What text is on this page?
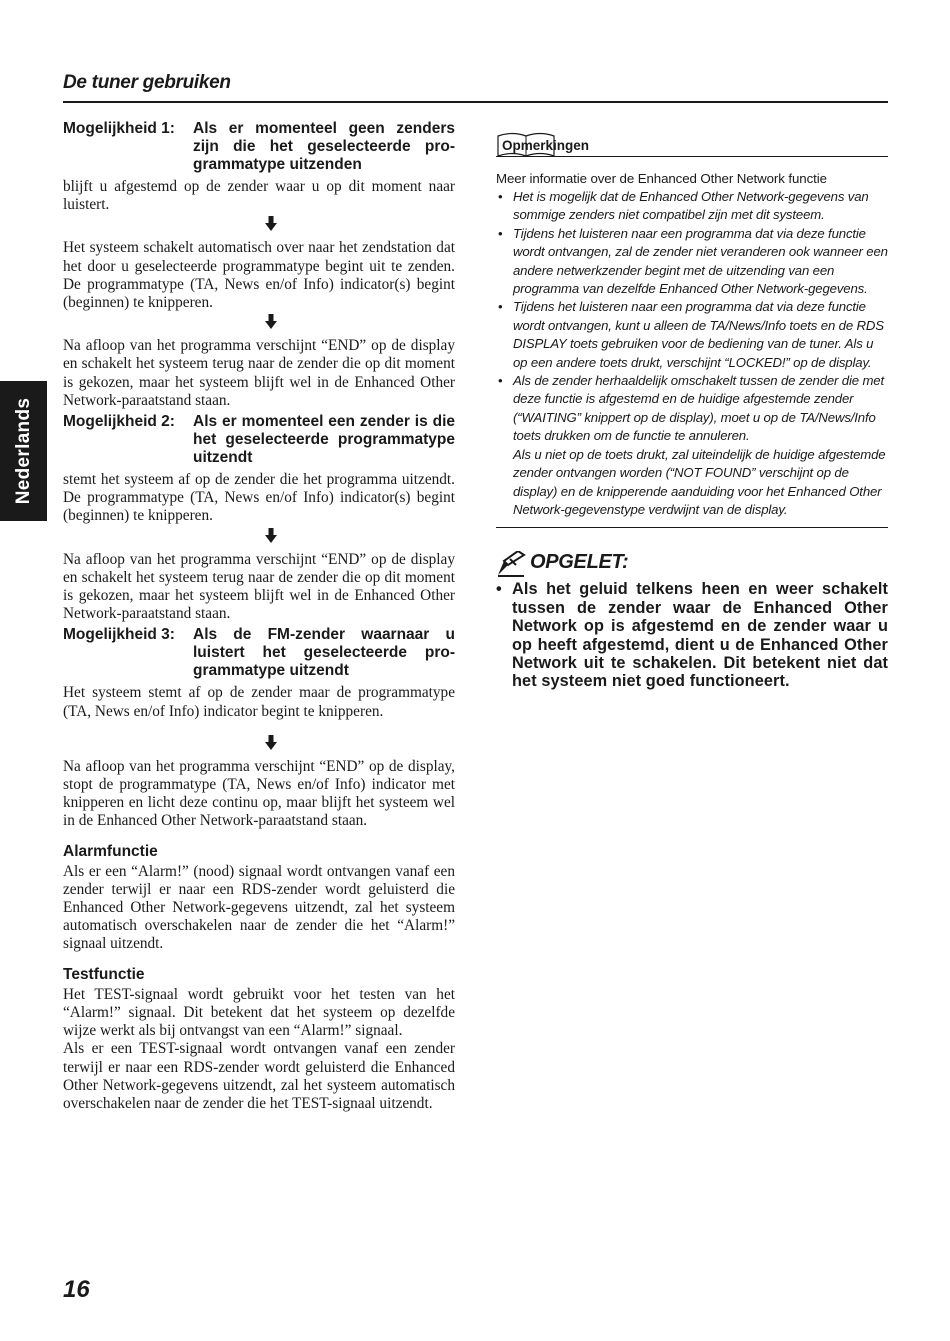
De tuner gebruiken
Nederlands
Mogelijkheid 1:	Als er momenteel geen zenders zijn die het geselecteerde programmatype uitzenden

blijft u afgestemd op de zender waar u op dit moment naar luistert.

Het systeem schakelt automatisch over naar het zendstation dat het door u geselecteerde programmatype begint uit te zenden. De programmatype (TA, News en/of Info) indicator(s) begint (beginnen) te knipperen.

Na afloop van het programma verschijnt “END” op de display en schakelt het systeem terug naar de zender die op dit moment is gekozen, maar het systeem blijft wel in de Enhanced Other Network-paraatstand staan.

Mogelijkheid 2:	Als er momenteel een zender is die het geselecteerde programmatype uitzendt

stemt het systeem af op de zender die het programma uitzendt. De programmatype (TA, News en/of Info) indicator(s) begint (beginnen) te knipperen.

Na afloop van het programma verschijnt “END” op de display en schakelt het systeem terug naar de zender die op dit moment is gekozen, maar het systeem blijft wel in de Enhanced Other Network-paraatstand staan.

Mogelijkheid 3:	Als de FM-zender waarnaar u luistert het geselecteerde programmatype uitzendt

Het systeem stemt af op de zender maar de programmatype (TA, News en/of Info) indicator begint te knipperen.

Na afloop van het programma verschijnt “END” op de display, stopt de programmatype (TA, News en/of Info) indicator met knipperen en licht deze continu op, maar blijft het systeem wel in de Enhanced Other Network-paraatstand staan.

Alarmfunctie

Als er een “Alarm!” (nood) signaal wordt ontvangen vanaf een zender terwijl er naar een RDS-zender wordt geluisterd die Enhanced Other Network-gegevens uitzendt, zal het systeem automatisch overschakelen naar de zender die het “Alarm!” signaal uitzendt.

Testfunctie

Het TEST-signaal wordt gebruikt voor het testen van het “Alarm!” signaal. Dit betekent dat het systeem op dezelfde wijze werkt als bij ontvangst van een “Alarm!” signaal.

Als er een TEST-signaal wordt ontvangen vanaf een zender terwijl er naar een RDS-zender wordt geluisterd die Enhanced Other Network-gegevens uitzendt, zal het systeem automatisch overschakelen naar de zender die het TEST-signaal uitzendt.

Opmerkingen
Meer informatie over de Enhanced Other Network functie
• Het is mogelijk dat de Enhanced Other Network-gegevens van sommige zenders niet compatibel zijn met dit systeem.
• Tijdens het luisteren naar een programma dat via deze functie wordt ontvangen, zal de zender niet veranderen ook wanneer een andere netwerkzender begint met de uitzending van een programma van dezelfde Enhanced Other Network-gegevens.
• Tijdens het luisteren naar een programma dat via deze functie wordt ontvangen, kunt u alleen de TA/News/Info toets en de RDS DISPLAY toets gebruiken voor de bediening van de tuner. Als u op een andere toets drukt, verschijnt “LOCKED!” op de display.
• Als de zender herhaaldelijk omschakelt tussen de zender die met deze functie is afgestemd en de huidige afgestemde zender (“WAITING” knippert op de display), moet u op de TA/News/Info toets drukken om de functie te annuleren.
Als u niet op de toets drukt, zal uiteindelijk de huidige afgestemde zender ontvangen worden (“NOT FOUND” verschijnt op de display) en de knipperende aanduiding voor het Enhanced Other Network-gegevenstype verdwijnt van de display.
OPGELET:
• Als het geluid telkens heen en weer schakelt tussen de zender waar de Enhanced Other Network op is afgestemd en de zender waar u op heeft afgestemd, dient u de Enhanced Other Network uit te schakelen. Dit betekent niet dat het systeem niet goed functioneert.
16
